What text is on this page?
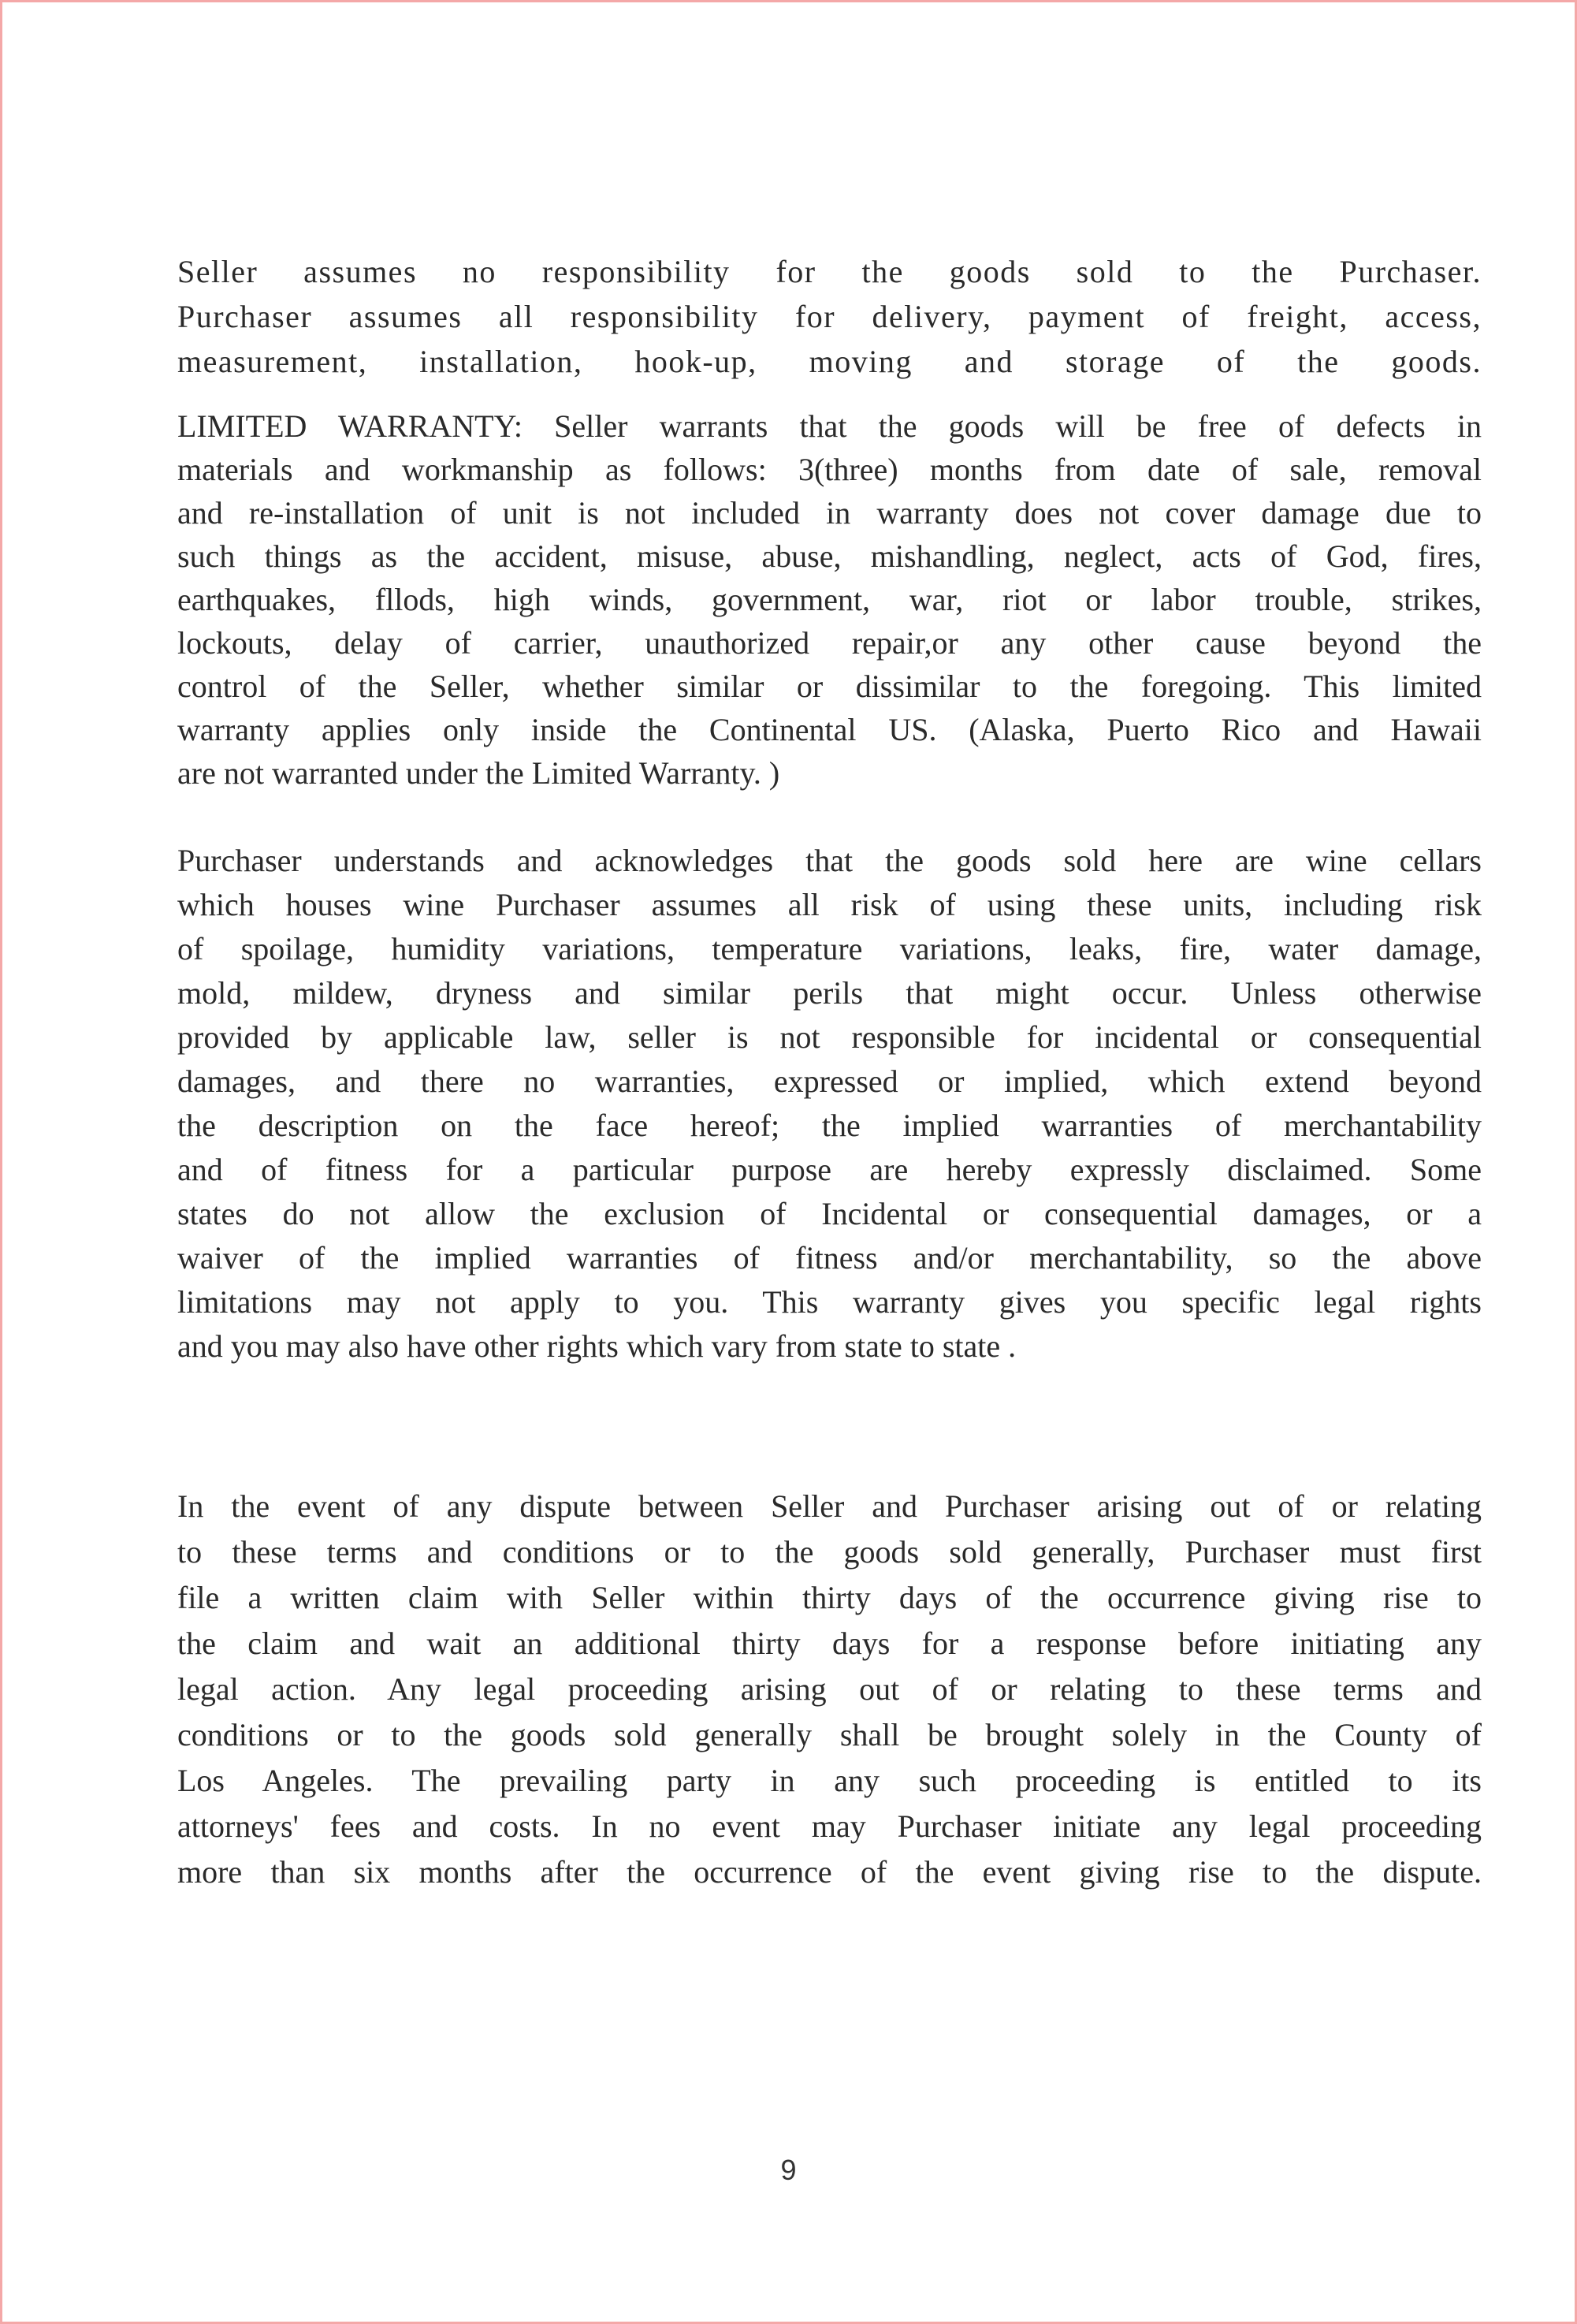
Seller assumes no responsibility for the goods sold to the Purchaser.
Purchaser assumes all responsibility for delivery, payment of freight, access,
measurement, installation, hook-up, moving and storage of the goods.
LIMITED WARRANTY: Seller warrants that the goods will be free of defects in
materials and workmanship as follows: 3(three) months from date of sale, removal
and re-installation of unit is not included in warranty does not cover damage due to
such things as the accident, misuse, abuse, mishandling, neglect, acts of God, fires,
earthquakes, fllods, high winds, government, war, riot or labor trouble, strikes,
lockouts, delay of carrier, unauthorized repair,or any other cause beyond the
control of the Seller, whether similar or dissimilar to the foregoing. This limited
warranty applies only inside the Continental US. (Alaska, Puerto Rico and Hawaii
are not warranted under the Limited Warranty. )
Purchaser understands and acknowledges that the goods sold here are wine cellars
which houses wine Purchaser assumes all risk of using these units, including risk
of spoilage, humidity variations, temperature variations, leaks, fire, water damage,
mold, mildew, dryness and similar perils that might occur. Unless otherwise
provided by applicable law, seller is not responsible for incidental or consequential
damages, and there no warranties, expressed or implied, which extend beyond
the description on the face hereof; the implied warranties of merchantability
and of fitness for a particular purpose are hereby expressly disclaimed. Some
states do not allow the exclusion of Incidental or consequential damages, or a
waiver of the implied warranties of fitness and/or merchantability, so the above
limitations may not apply to you. This warranty gives you specific legal rights
and you may also have other rights which vary from state to state .
In the event of any dispute between Seller and Purchaser arising out of or relating
to these terms and conditions or to the goods sold generally, Purchaser must first
file a written claim with Seller within thirty days of the occurrence giving rise to
the claim and wait an additional thirty days for a response before initiating any
legal action. Any legal proceeding arising out of or relating to these terms and
conditions or to the goods sold generally shall be brought solely in the County of
Los Angeles. The prevailing party in any such proceeding is entitled to its
attorneys' fees and costs. In no event may Purchaser initiate any legal proceeding
more than six months after the occurrence of the event giving rise to the dispute.
9
